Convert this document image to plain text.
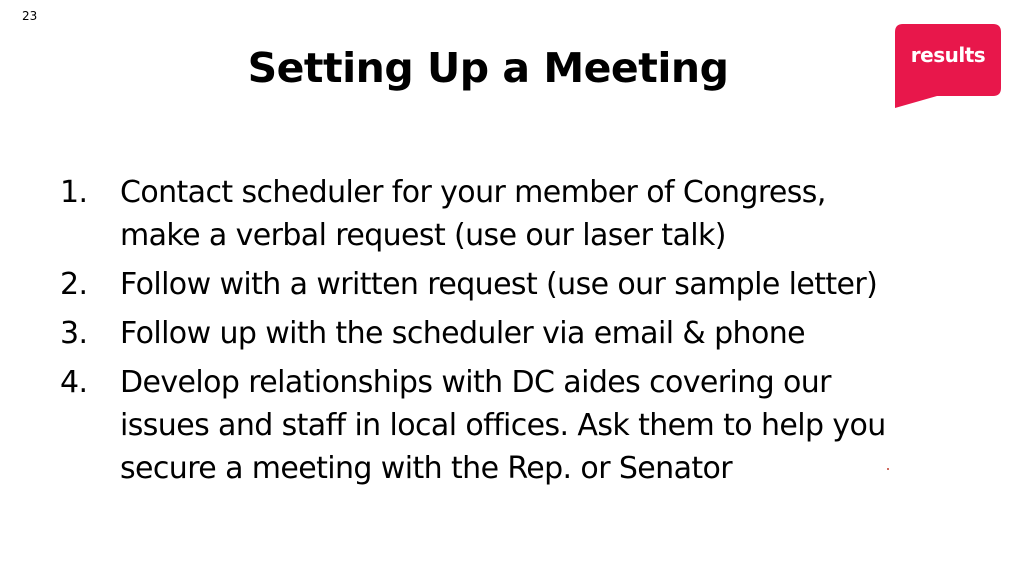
23
Setting Up a Meeting	results
1.	Contact scheduler for your member of Congress,
make a verbal request (use our laser talk)
2.	Follow with a written request (use our sample letter)
3.	Follow up with the scheduler via email & phone
4.	Develop relationships with DC aides covering our
issues and staff in local offices. Ask them to help you
secure a meeting with the Rep. or Senator
